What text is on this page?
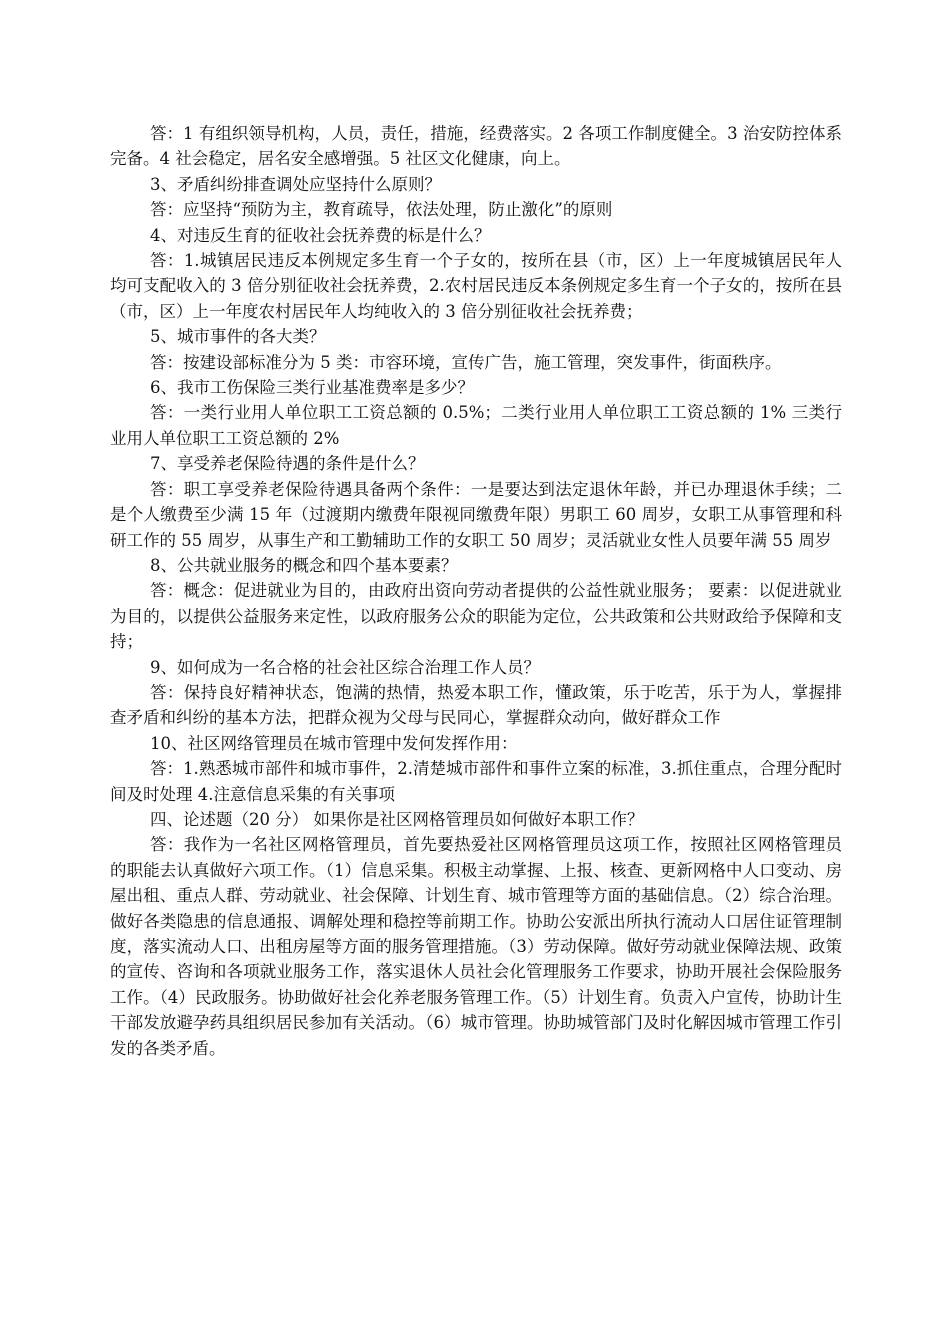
答：1 有组织领导机构，人员，责任，措施，经费落实。2 各项工作制度健全。3 治安防控体系完备。4 社会稳定，居名安全感增强。5 社区文化健康，向上。

3、矛盾纠纷排查调处应坚持什么原则？

答：应坚持“预防为主，教育疏导，依法处理，防止激化”的原则

4、对违反生育的征收社会抚养费的标是什么？

答：1.城镇居民违反本例规定多生育一个子女的，按所在县（市，区）上一年度城镇居民年人均可支配收入的 3 倍分别征收社会抚养费，2.农村居民违反本条例规定多生育一个子女的，按所在县（市，区）上一年度农村居民年人均纯收入的 3 倍分别征收社会抚养费；

5、城市事件的各大类？

答：按建设部标准分为 5 类：市容环境，宣传广告，施工管理，突发事件，街面秩序。

6、我市工伤保险三类行业基准费率是多少？

答：一类行业用人单位职工工资总额的 0.5%；二类行业用人单位职工工资总额的 1% 三类行业用人单位职工工资总额的 2%

7、享受养老保险待遇的条件是什么？

答：职工享受养老保险待遇具备两个条件：一是要达到法定退休年龄，并已办理退休手续；二是个人缴费至少满 15 年（过渡期内缴费年限视同缴费年限）男职工 60 周岁，女职工从事管理和科研工作的 55 周岁，从事生产和工勤辅助工作的女职工 50 周岁；灵活就业女性人员要年满 55 周岁

8、公共就业服务的概念和四个基本要素？

答：概念：促进就业为目的，由政府出资向劳动者提供的公益性就业服务； 要素：以促进就业为目的，以提供公益服务来定性，以政府服务公众的职能为定位，公共政策和公共财政给予保障和支持；

9、如何成为一名合格的社会社区综合治理工作人员？

答：保持良好精神状态，饱满的热情，热爱本职工作，懂政策，乐于吃苦，乐于为人，掌握排查矛盾和纠纷的基本方法，把群众视为父母与民同心，掌握群众动向，做好群众工作

10、社区网络管理员在城市管理中发何发挥作用：

答：1.熟悉城市部件和城市事件，2.清楚城市部件和事件立案的标准，3.抓住重点，合理分配时间及时处理 4.注意信息采集的有关事项

四、论述题（20 分） 如果你是社区网格管理员如何做好本职工作？

答：我作为一名社区网格管理员，首先要热爱社区网格管理员这项工作，按照社区网格管理员的职能去认真做好六项工作。（1）信息采集。积极主动掌握、上报、核查、更新网格中人口变动、房屋出租、重点人群、劳动就业、社会保障、计划生育、城市管理等方面的基础信息。（2）综合治理。做好各类隐患的信息通报、调解处理和稳控等前期工作。协助公安派出所执行流动人口居住证管理制度，落实流动人口、出租房屋等方面的服务管理措施。（3）劳动保障。做好劳动就业保障法规、政策的宣传、咨询和各项就业服务工作，落实退休人员社会化管理服务工作要求，协助开展社会保险服务工作。（4）民政服务。协助做好社会化养老服务管理工作。（5）计划生育。负责入户宣传，协助计生干部发放避孕药具组织居民参加有关活动。（6）城市管理。协助城管部门及时化解因城市管理工作引发的各类矛盾。
